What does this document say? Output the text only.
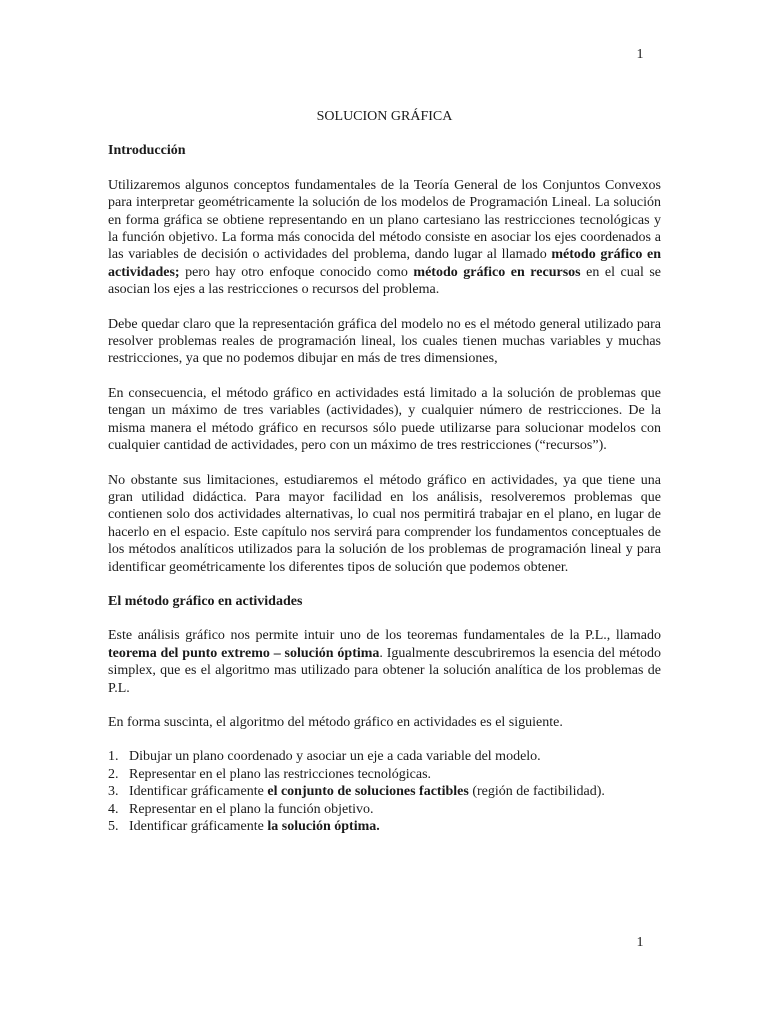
1
SOLUCION GRÁFICA
Introducción

Utilizaremos algunos conceptos fundamentales de la Teoría General de los Conjuntos Convexos para interpretar geométricamente la solución de los modelos de Programación Lineal. La solución en forma gráfica se obtiene representando en un plano cartesiano las restricciones tecnológicas y la función objetivo. La forma más conocida del método consiste en asociar los ejes coordenados a las variables de decisión o actividades del problema, dando lugar al llamado método gráfico en actividades; pero hay otro enfoque conocido como método gráfico en recursos en el cual se asocian los ejes a las restricciones o recursos del problema.

Debe quedar claro que la representación gráfica del modelo no es el método general utilizado para resolver problemas reales de programación lineal, los cuales tienen muchas variables y muchas restricciones, ya que no podemos dibujar en más de tres dimensiones,

En consecuencia, el método gráfico en actividades está limitado a la solución de problemas que tengan un máximo de tres variables (actividades), y cualquier número de restricciones. De la misma manera el método gráfico en recursos sólo puede utilizarse para solucionar modelos con cualquier cantidad de actividades, pero con un máximo de tres restricciones (“recursos”).

No obstante sus limitaciones, estudiaremos el método gráfico en actividades, ya que tiene una gran utilidad didáctica. Para mayor facilidad en los análisis, resolveremos problemas que contienen solo dos actividades alternativas, lo cual nos permitirá trabajar en el plano, en lugar de hacerlo en el espacio. Este capítulo nos servirá para comprender los fundamentos conceptuales de los métodos analíticos utilizados para la solución de los problemas de programación lineal y para identificar geométricamente los diferentes tipos de solución que podemos obtener.

El método gráfico en actividades

Este análisis gráfico nos permite intuir uno de los teoremas fundamentales de la P.L., llamado teorema del punto extremo – solución óptima. Igualmente descubriremos la esencia del método simplex, que es el algoritmo mas utilizado para obtener la solución analítica de los problemas de P.L.

En forma suscinta, el algoritmo del método gráfico en actividades es el siguiente.

1. Dibujar un plano coordenado y asociar un eje a cada variable del modelo.
2. Representar en el plano las restricciones tecnológicas.
3. Identificar gráficamente el conjunto de soluciones factibles (región de factibilidad).
4. Representar en el plano la función objetivo.
5. Identificar gráficamente la solución óptima.
1
